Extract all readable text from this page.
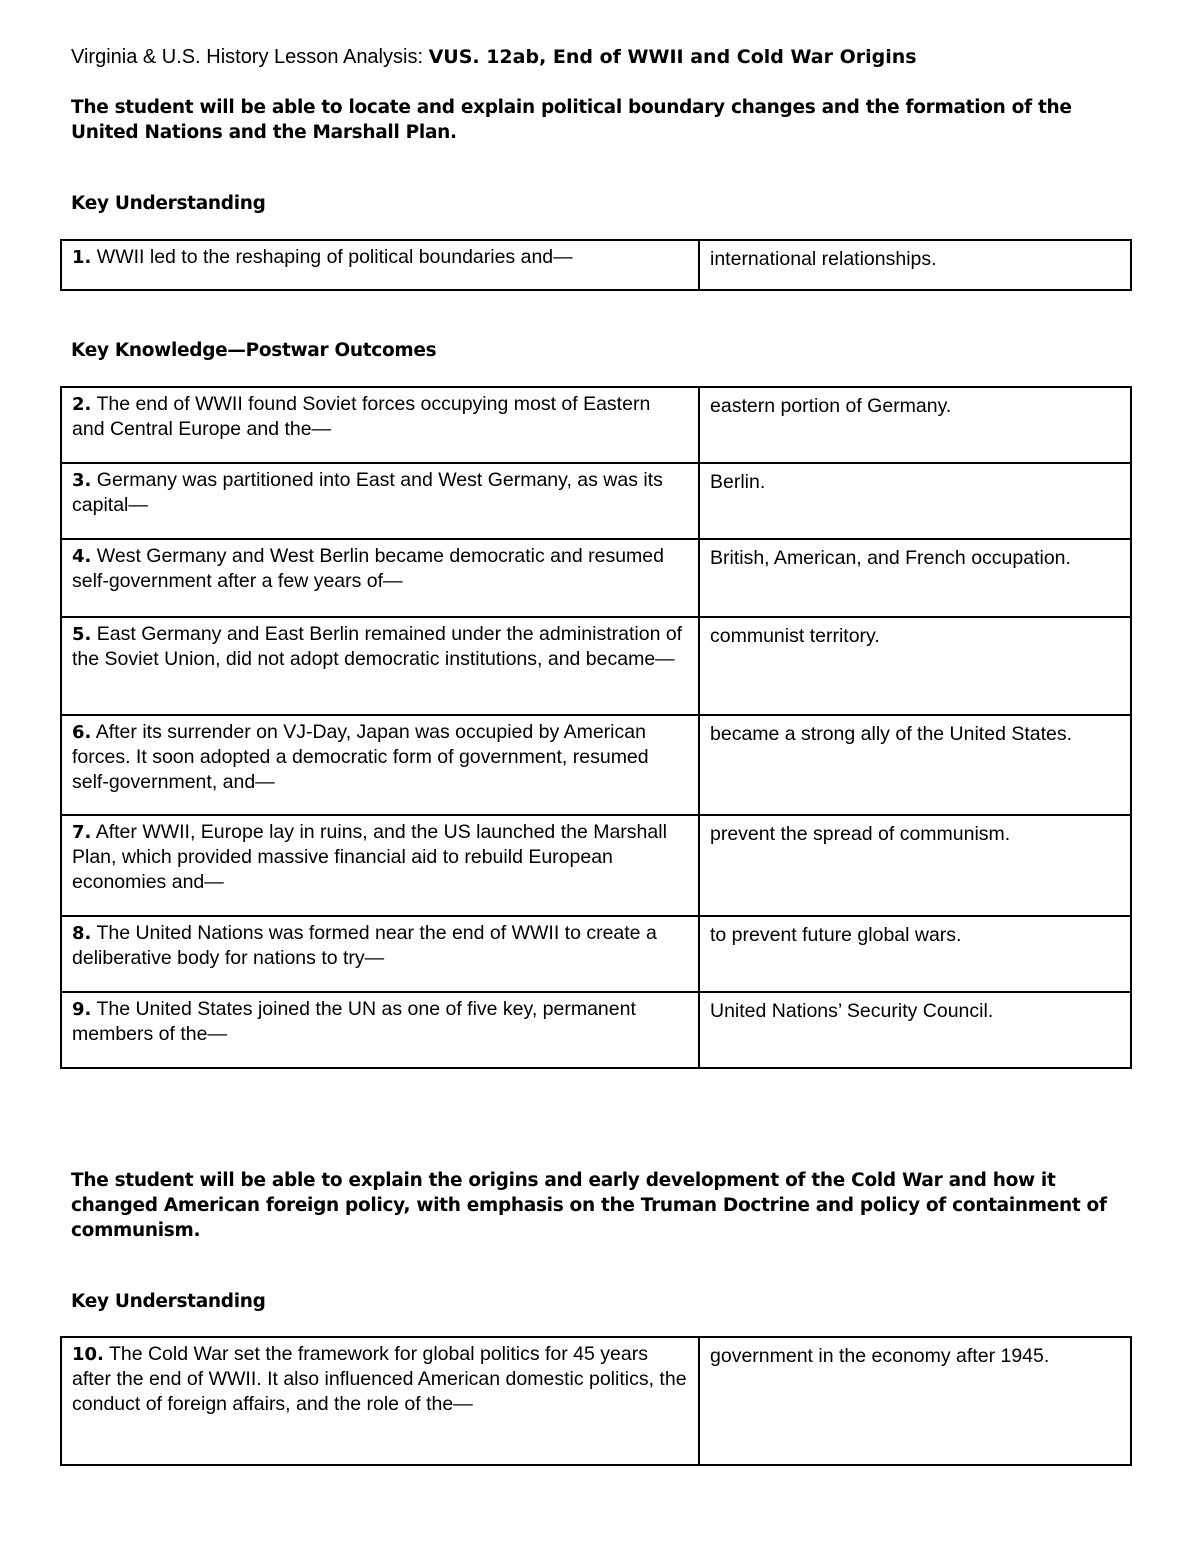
Virginia & U.S. History Lesson Analysis: VUS. 12ab, End of WWII and Cold War Origins
The student will be able to locate and explain political boundary changes and the formation of the United Nations and the Marshall Plan.
Key Understanding
1. WWII led to the reshaping of political boundaries and—	international relationships.
Key Knowledge—Postwar Outcomes
2. The end of WWII found Soviet forces occupying most of Eastern and Central Europe and the—	eastern portion of Germany.
3. Germany was partitioned into East and West Germany, as was its capital—	Berlin.
4. West Germany and West Berlin became democratic and resumed self-government after a few years of—	British, American, and French occupation.
5. East Germany and East Berlin remained under the administration of the Soviet Union, did not adopt democratic institutions, and became—	communist territory.
6. After its surrender on VJ-Day, Japan was occupied by American forces. It soon adopted a democratic form of government, resumed self-government, and—	became a strong ally of the United States.
7. After WWII, Europe lay in ruins, and the US launched the Marshall Plan, which provided massive financial aid to rebuild European economies and—	prevent the spread of communism.
8. The United Nations was formed near the end of WWII to create a deliberative body for nations to try—	to prevent future global wars.
9. The United States joined the UN as one of five key, permanent members of the—	United Nations’ Security Council.
The student will be able to explain the origins and early development of the Cold War and how it changed American foreign policy, with emphasis on the Truman Doctrine and policy of containment of communism.
Key Understanding
10. The Cold War set the framework for global politics for 45 years after the end of WWII. It also influenced American domestic politics, the conduct of foreign affairs, and the role of the—	government in the economy after 1945.
